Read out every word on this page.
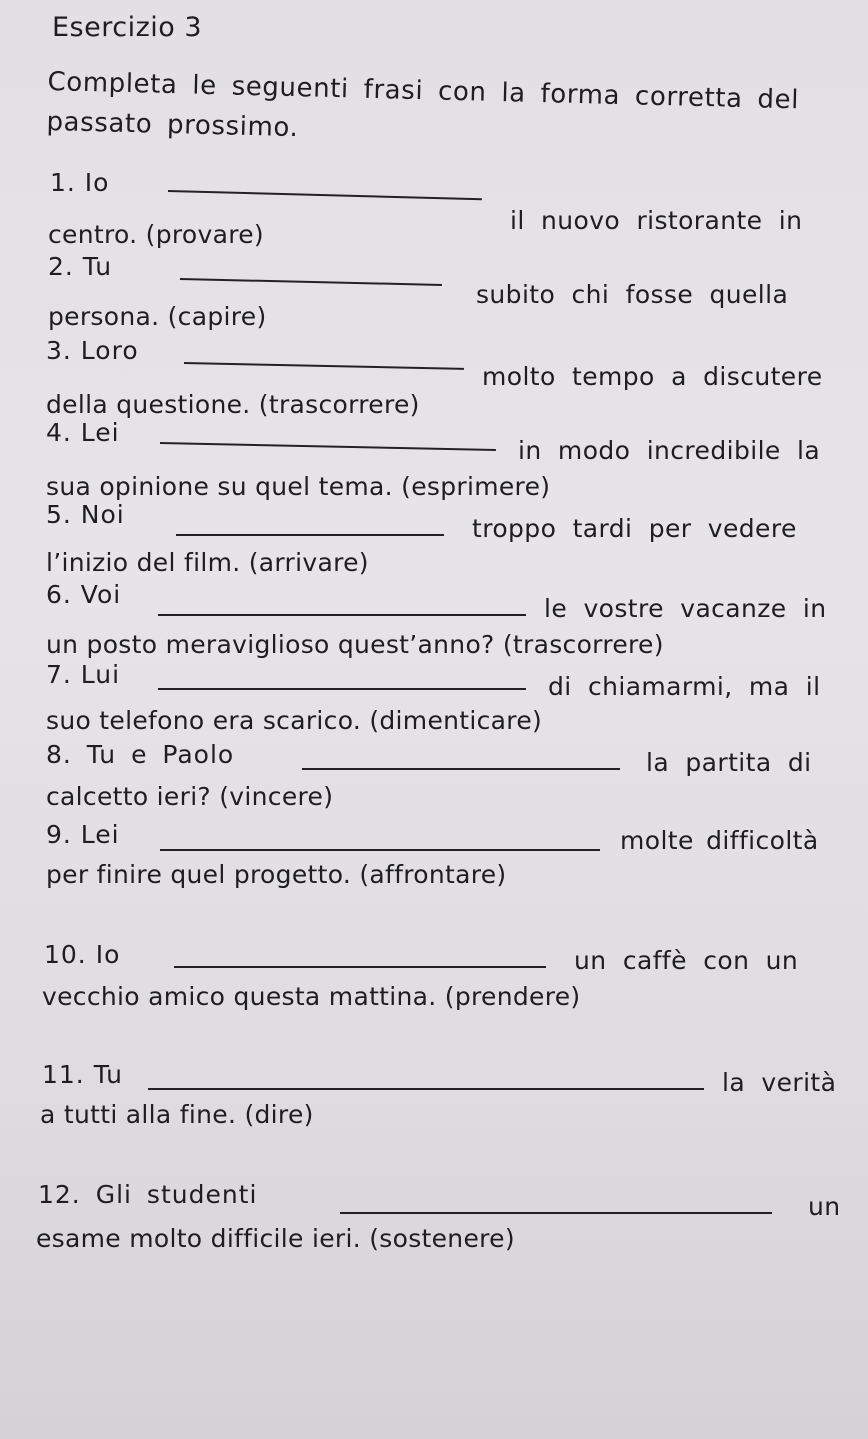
Esercizio 3
Completa le seguenti frasi con la forma corretta del passato prossimo.
1. Io
il nuovo ristorante in
centro. (provare)
2. Tu
subito chi fosse quella
persona. (capire)
3. Loro
molto tempo a discutere
della questione. (trascorrere)
4. Lei
in modo incredibile la
sua opinione su quel tema. (esprimere)
5. Noi	troppo tardi per vedere
l’inizio del film. (arrivare)
6. Voi	le vostre vacanze in
un posto meraviglioso quest’anno? (trascorrere)
7. Lui	di chiamarmi, ma il
suo telefono era scarico. (dimenticare)
8. Tu e Paolo	la partita di
calcetto ieri? (vincere)
9. Lei	molte difficoltà
per finire quel progetto. (affrontare)
10. Io	un caffè con un
vecchio amico questa mattina. (prendere)
11. Tu	la verità
a tutti alla fine. (dire)
12. Gli studenti	un
esame molto difficile ieri. (sostenere)
